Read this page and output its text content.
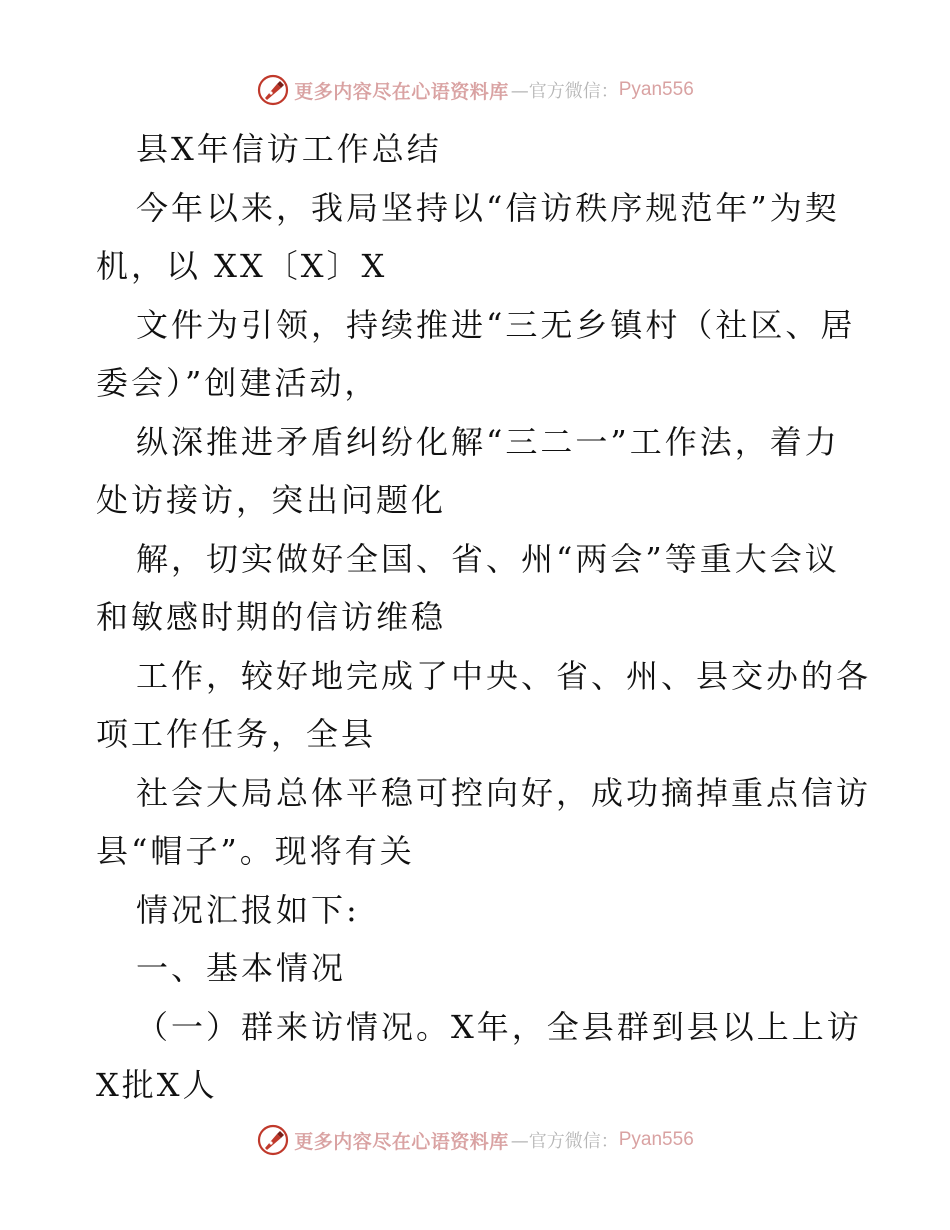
更多内容尽在心语资料库 —官方微信： Pyan556
县X年信访工作总结
今年以来，我局坚持以“信访秩序规范年”为契
机，以 XX〔X〕X
文件为引领，持续推进“三无乡镇村（社区、居
委会）”创建活动，
纵深推进矛盾纠纷化解“三二一”工作法，着力
处访接访，突出问题化
解，切实做好全国、省、州“两会”等重大会议
和敏感时期的信访维稳
工作，较好地完成了中央、省、州、县交办的各
项工作任务，全县
社会大局总体平稳可控向好，成功摘掉重点信访
县“帽子”。现将有关
情况汇报如下:
一、基本情况
（一）群来访情况。X年，全县群到县以上上访
X批X人
更多内容尽在心语资料库 —官方微信： Pyan556
